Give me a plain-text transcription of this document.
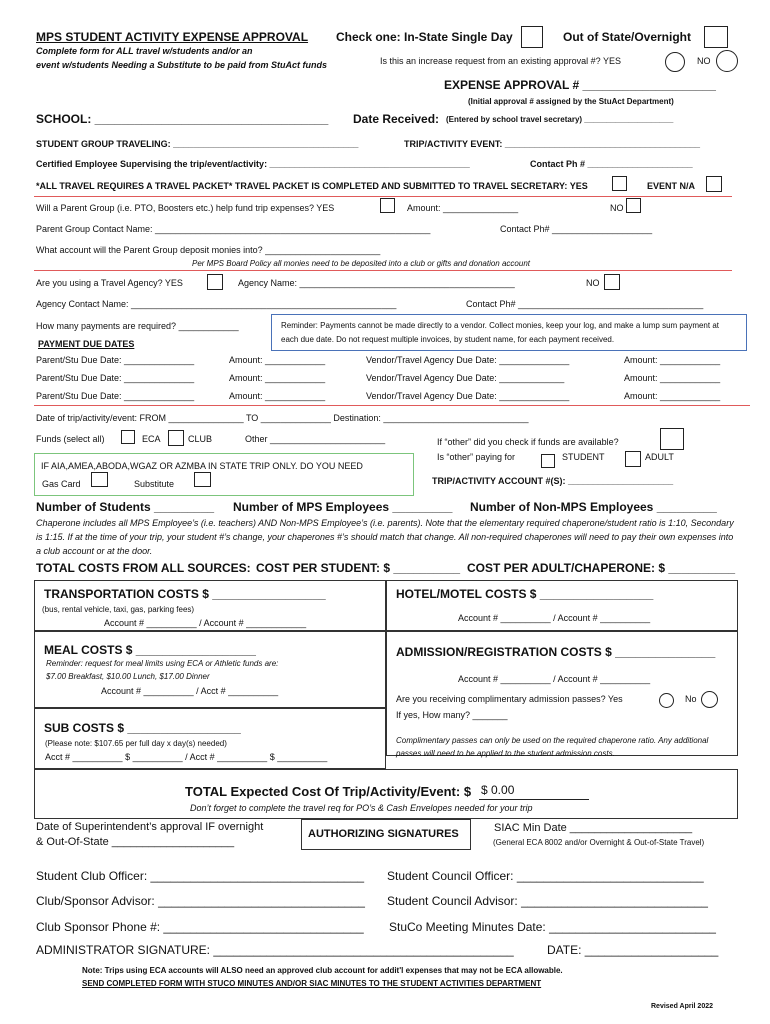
MPS STUDENT ACTIVITY EXPENSE APPROVAL
Complete form for ALL travel w/students and/or an
event w/students Needing a Substitute to be paid from StuAct funds
Check one: In-State Single Day	Out of State/Overnight
Is this an increase request from an existing approval #? YES	NO
EXPENSE APPROVAL # ____________________
(Initial approval # assigned by the StuAct Department)
SCHOOL: ___________________________________ Date Received: (Entered by school travel secretary) ____________________
STUDENT GROUP TRAVELING: _____________________________________	TRIP/ACTIVITY EVENT: _______________________________________
Certified Employee Supervising the trip/event/activity: ________________________________________	Contact Ph # _____________________
*ALL TRAVEL REQUIRES A TRAVEL PACKET* TRAVEL PACKET IS COMPLETED AND SUBMITTED TO TRAVEL SECRETARY: YES	EVENT N/A
Will a Parent Group (i.e. PTO, Boosters etc.) help fund trip expenses? YES	Amount: _______________	NO
Parent Group Contact Name: _______________________________________________________	Contact Ph# ____________________
What account will the Parent Group deposit monies into? _______________________
Per MPS Board Policy all monies need to be deposited into a club or gifts and donation account
Are you using a Travel Agency? YES	Agency Name: ___________________________________________	NO
Agency Contact Name: _____________________________________________________	Contact Ph# _____________________________________
How many payments are required? ____________	Reminder: Payments cannot be made directly to a vendor. Collect monies, keep your log, and make a lump sum payment at each due date. Do not request multiple invoices, by student name, for each payment received.
PAYMENT DUE DATES
Parent/Stu Due Date: ______________	Amount: ____________	Vendor/Travel Agency Due Date: ______________	Amount: ____________
Parent/Stu Due Date: ______________	Amount: ____________	Vendor/Travel Agency Due Date: _____________	Amount: ____________
Parent/Stu Due Date: ______________	Amount: ____________	Vendor/Travel Agency Due Date: ______________	Amount: ____________
Date of trip/activity/event: FROM _______________ TO ______________ Destination: _____________________________
Funds (select all)	ECA	CLUB	Other _______________________	If “other” did you check if funds are available?
Is “other” paying for	STUDENT	ADULT
IF AIA,AMEA,ABODA,WGAZ OR AZMBA IN STATE TRIP ONLY. DO YOU NEED
Gas Card	Substitute	TRIP/ACTIVITY ACCOUNT #(S): _____________________
Number of Students _________ Number of MPS Employees _________ Number of Non-MPS Employees _________
Chaperone includes all MPS Employee’s (i.e. teachers) AND Non-MPS Employee’s (i.e. parents). Note that the elementary required chaperone/student ratio is 1:10, Secondary is 1:15. If at the time of your trip, your student #’s change, your chaperones #’s should match that change. All non-required chaperones will need to pay their own expenses into a club account or at the door.
TOTAL COSTS FROM ALL SOURCES: COST PER STUDENT: $ __________ COST PER ADULT/CHAPERONE: $ __________
TRANSPORTATION COSTS $ _________________
(bus, rental vehicle, taxi, gas, parking fees)
Account # __________ / Account # ____________
HOTEL/MOTEL COSTS $ _________________
Account # __________ / Account # __________
MEAL COSTS $ __________________
Reminder: request for meal limits using ECA or Athletic funds are:
$7.00 Breakfast, $10.00 Lunch, $17.00 Dinner
Account # __________ / Acct # __________
ADMISSION/REGISTRATION COSTS $ _______________
Account # __________ / Account # __________
Are you receiving complimentary admission passes? Yes	No
If yes, How many? _______
Complimentary passes can only be used on the required chaperone ratio. Any additional passes will need to be applied to the student admission costs.
SUB COSTS $ _________________
(Please note: $107.65 per full day x day(s) needed)
Acct # __________ $ __________ / Acct # __________ $ __________
TOTAL Expected Cost Of Trip/Activity/Event: $ $ 0.00
Don’t forget to complete the travel req for PO’s & Cash Envelopes needed for your trip
Date of Superintendent’s approval IF overnight
& Out-Of-State ____________________
AUTHORIZING SIGNATURES	SIAC Min Date ____________________
(General ECA 8002 and/or Overnight & Out-of-State Travel)
Student Club Officer: ________________________________ Student Council Officer: ____________________________
Club/Sponsor Advisor: _______________________________ Student Council Advisor: ____________________________
Club Sponsor Phone #: ______________________________ StuCo Meeting Minutes Date: _________________________
ADMINISTRATOR SIGNATURE: _____________________________________________	DATE: ____________________
Note: Trips using ECA accounts will ALSO need an approved club account for addit'l expenses that may not be ECA allowable.
SEND COMPLETED FORM WITH STUCO MINUTES AND/OR SIAC MINUTES TO THE STUDENT ACTIVITIES DEPARTMENT
Revised April 2022
